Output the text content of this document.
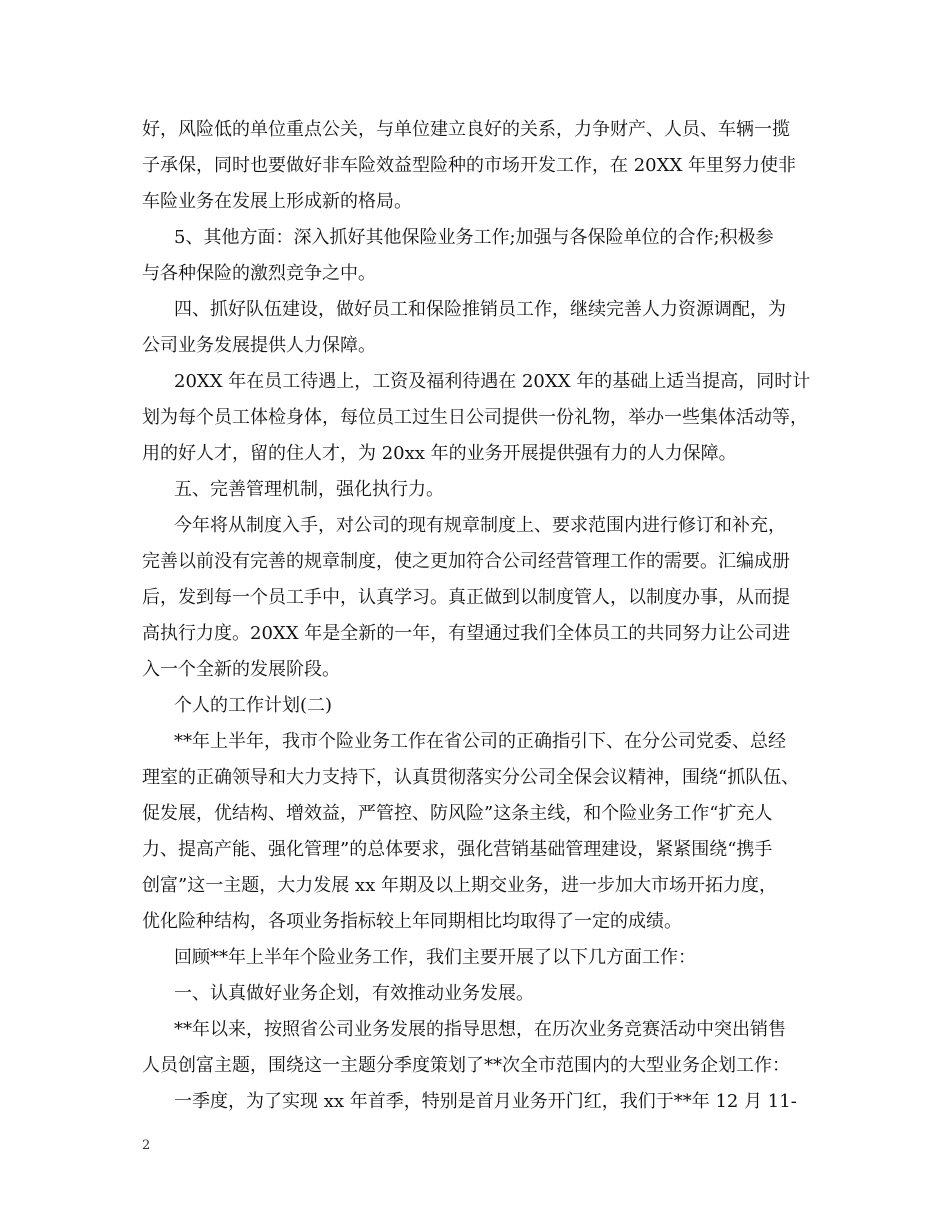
好，风险低的单位重点公关，与单位建立良好的关系，力争财产、人员、车辆一揽
子承保，同时也要做好非车险效益型险种的市场开发工作，在 20XX 年里努力使非
车险业务在发展上形成新的格局。

5、其他方面：深入抓好其他保险业务工作;加强与各保险单位的合作;积极参
与各种保险的激烈竞争之中。

四、抓好队伍建设，做好员工和保险推销员工作，继续完善人力资源调配，为
公司业务发展提供人力保障。

20XX 年在员工待遇上，工资及福利待遇在 20XX 年的基础上适当提高，同时计
划为每个员工体检身体，每位员工过生日公司提供一份礼物，举办一些集体活动等，
用的好人才，留的住人才，为 20xx 年的业务开展提供强有力的人力保障。

五、完善管理机制，强化执行力。

今年将从制度入手，对公司的现有规章制度上、要求范围内进行修订和补充，
完善以前没有完善的规章制度，使之更加符合公司经营管理工作的需要。汇编成册
后，发到每一个员工手中，认真学习。真正做到以制度管人，以制度办事，从而提
高执行力度。20XX 年是全新的一年，有望通过我们全体员工的共同努力让公司进
入一个全新的发展阶段。

个人的工作计划(二)

**年上半年，我市个险业务工作在省公司的正确指引下、在分公司党委、总经
理室的正确领导和大力支持下，认真贯彻落实分公司全保会议精神，围绕“抓队伍、
促发展，优结构、增效益，严管控、防风险”这条主线，和个险业务工作“扩充人
力、提高产能、强化管理”的总体要求，强化营销基础管理建设，紧紧围绕“携手
创富”这一主题，大力发展 xx 年期及以上期交业务，进一步加大市场开拓力度，
优化险种结构，各项业务指标较上年同期相比均取得了一定的成绩。

回顾**年上半年个险业务工作，我们主要开展了以下几方面工作：

一、认真做好业务企划，有效推动业务发展。

**年以来，按照省公司业务发展的指导思想，在历次业务竞赛活动中突出销售
人员创富主题，围绕这一主题分季度策划了**次全市范围内的大型业务企划工作：

一季度，为了实现 xx 年首季，特别是首月业务开门红，我们于**年 12 月 11-

2
